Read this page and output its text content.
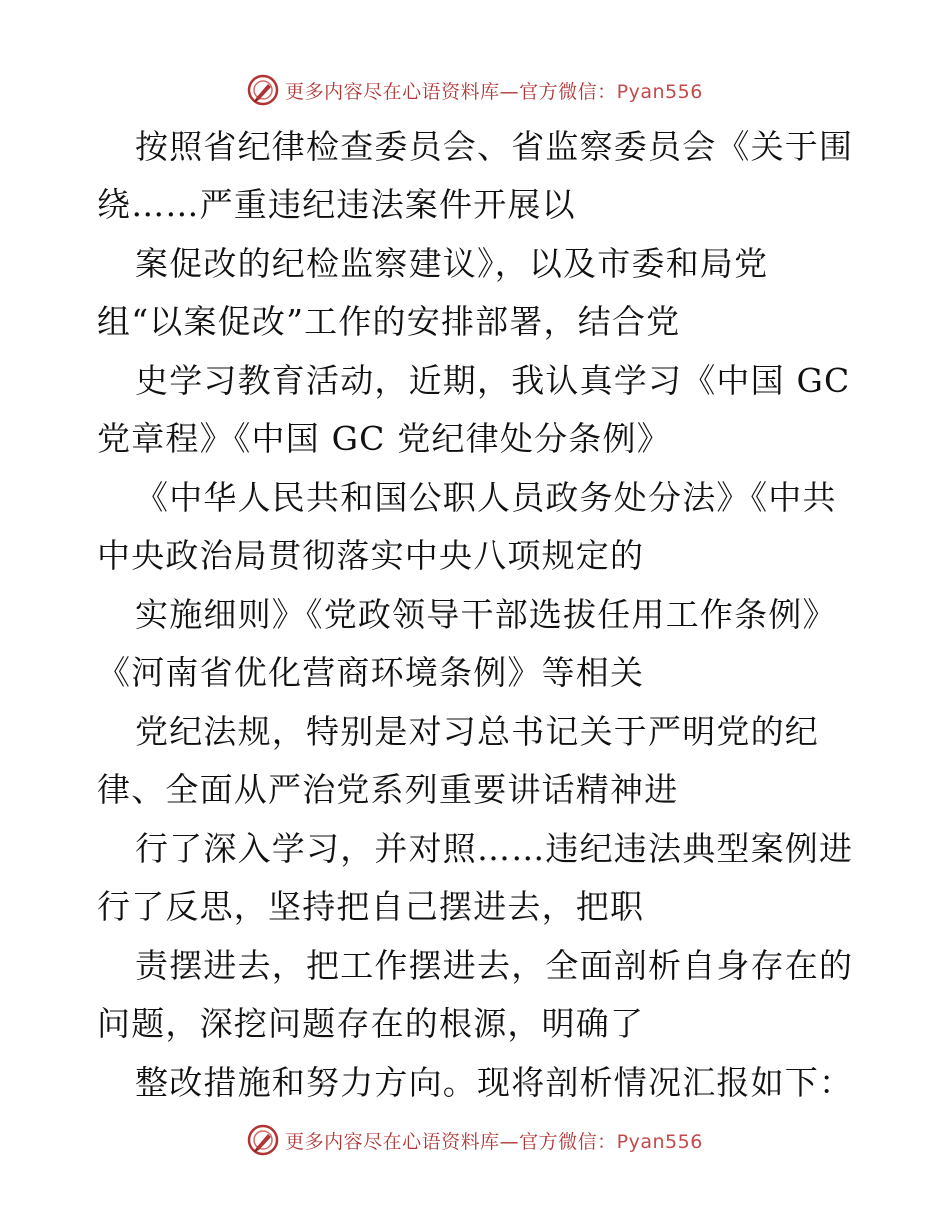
更多内容尽在心语资料库—官方微信：Pyan556
按照省纪律检查委员会、省监察委员会《关于围
绕……严重违纪违法案件开展以
案促改的纪检监察建议》，以及市委和局党
组“以案促改”工作的安排部署，结合党
史学习教育活动，近期，我认真学习《中国 GC
党章程》《中国 GC 党纪律处分条例》
《中华人民共和国公职人员政务处分法》《中共
中央政治局贯彻落实中央八项规定的
实施细则》《党政领导干部选拔任用工作条例》
《河南省优化营商环境条例》等相关
党纪法规，特别是对习总书记关于严明党的纪
律、全面从严治党系列重要讲话精神进
行了深入学习，并对照……违纪违法典型案例进
行了反思，坚持把自己摆进去，把职
责摆进去，把工作摆进去，全面剖析自身存在的
问题，深挖问题存在的根源，明确了
整改措施和努力方向。现将剖析情况汇报如下：
更多内容尽在心语资料库—官方微信：Pyan556
